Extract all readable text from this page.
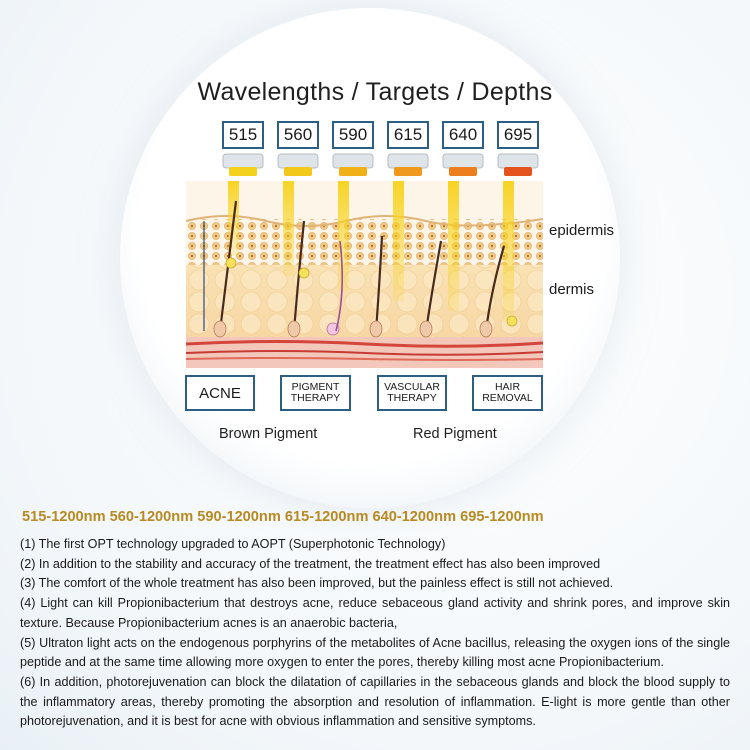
Wavelengths / Targets / Depths
515	560	590	615	640	695
epidermis
dermis
ACNE	PIGMENT THERAPY
VASCULAR THERAPY
HAIR REMOVAL
Brown Pigment	Red Pigment
515-1200nm 560-1200nm 590-1200nm 615-1200nm 640-1200nm 695-1200nm

(1) The first OPT technology upgraded to AOPT (Superphotonic Technology)

(2) In addition to the stability and accuracy of the treatment, the treatment effect has also been improved

(3) The comfort of the whole treatment has also been improved, but the painless effect is still not achieved.

(4) Light can kill Propionibacterium that destroys acne, reduce sebaceous gland activity and shrink pores, and improve skin texture. Because Propionibacterium acnes is an anaerobic bacteria,

(5) Ultraton light acts on the endogenous porphyrins of the metabolites of Acne bacillus, releasing the oxygen ions of the single peptide and at the same time allowing more oxygen to enter the pores, thereby killing most acne Propionibacterium.

(6) In addition, photorejuvenation can block the dilatation of capillaries in the sebaceous glands and block the blood supply to the inflammatory areas, thereby promoting the absorption and resolution of inflammation. E-light is more gentle than other photorejuvenation, and it is best for acne with obvious inflammation and sensitive symptoms.
